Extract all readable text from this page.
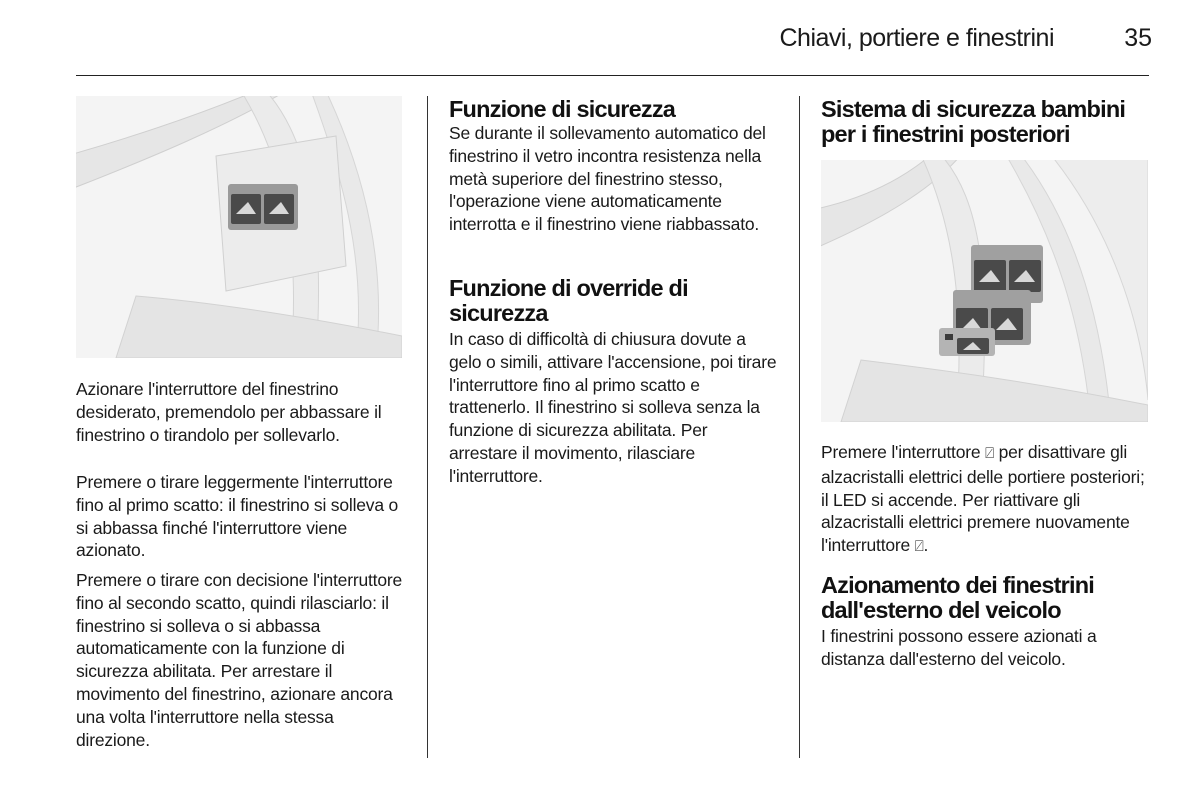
Chiavi, portiere e finestrini	35

Azionare l'interruttore del finestrino desiderato, premendolo per abbassare il finestrino o tirandolo per sollevarlo.

Premere o tirare leggermente l'interruttore fino al primo scatto: il finestrino si solleva o si abbassa finché l'interruttore viene azionato.

Premere o tirare con decisione l'interruttore fino al secondo scatto, quindi rilasciarlo: il finestrino si solleva o si abbassa automaticamente con la funzione di sicurezza abilitata. Per arrestare il movimento del finestrino, azionare ancora una volta l'interruttore nella stessa direzione.

Funzione di sicurezza

Se durante il sollevamento automatico del finestrino il vetro incontra resistenza nella metà superiore del finestrino stesso, l'operazione viene automaticamente interrotta e il finestrino viene riabbassato.

Funzione di override di sicurezza

In caso di difficoltà di chiusura dovute a gelo o simili, attivare l'accensione, poi tirare l'interruttore fino al primo scatto e trattenerlo. Il finestrino si solleva senza la funzione di sicurezza abilitata. Per arrestare il movimento, rilasciare l'interruttore.

Sistema di sicurezza bambini per i finestrini posteriori

Premere l'interruttore ⍁ per disattivare gli alzacristalli elettrici delle portiere posteriori; il LED si accende. Per riattivare gli alzacristalli elettrici premere nuovamente l'interruttore ⍁.

Azionamento dei finestrini dall'esterno del veicolo

I finestrini possono essere azionati a distanza dall'esterno del veicolo.
